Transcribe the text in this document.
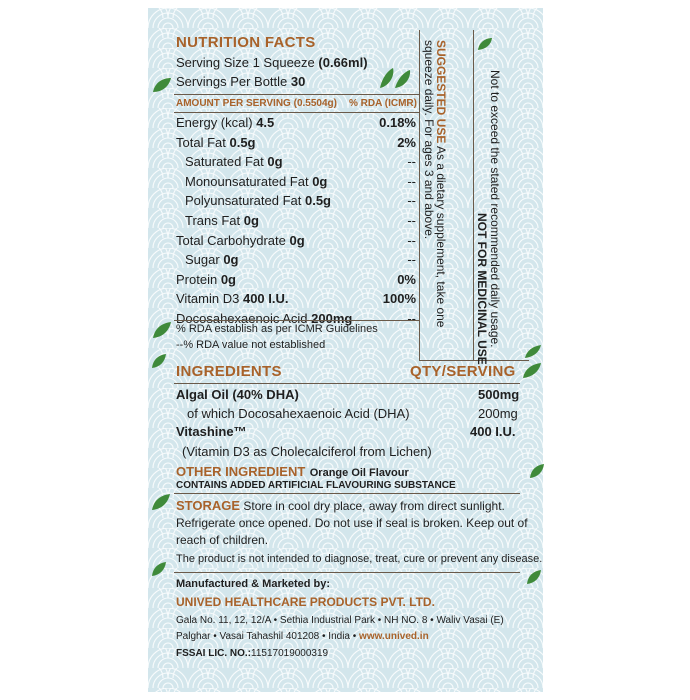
NUTRITION FACTS
Serving Size 1 Squeeze (0.66ml)
Servings Per Bottle 30
AMOUNT PER SERVING (0.5504g) % RDA (ICMR)
Energy (kcal) 4.5	0.18%
Total Fat 0.5g	2%
Saturated Fat 0g	--
Monounsaturated Fat 0g	--
Polyunsaturated Fat 0.5g	--
Trans Fat 0g	--
Total Carbohydrate 0g	--
Sugar 0g	--
Protein 0g	0%
Vitamin D3 400 I.U.	100%
Docosahexaenoic Acid 200mg	--
% RDA establish as per ICMR Guidelines
--% RDA value not established
SUGGESTED USE As a dietary supplement, take one
squeeze daily. For ages 3 and above.	Not to exceed the stated recommended daily usage.
NOT FOR MEDICINAL USE
INGREDIENTS	QTY/SERVING
Algal Oil (40% DHA)	500mg
of which Docosahexaenoic Acid (DHA)	200mg
Vitashine™	400 I.U.
(Vitamin D3 as Cholecalciferol from Lichen)
OTHER INGREDIENT Orange Oil Flavour
CONTAINS ADDED ARTIFICIAL FLAVOURING SUBSTANCE
STORAGE Store in cool dry place, away from direct sunlight.
Refrigerate once opened. Do not use if seal is broken. Keep out of
reach of children.
The product is not intended to diagnose, treat, cure or prevent any disease.
Manufactured & Marketed by:
UNIVED HEALTHCARE PRODUCTS PVT. LTD.
Gala No. 11, 12, 12/A • Sethia Industrial Park • NH NO. 8 • Waliv Vasai (E)
Palghar • Vasai Tahashil 401208 • India • www.unived.in
FSSAI LIC. NO.:11517019000319
